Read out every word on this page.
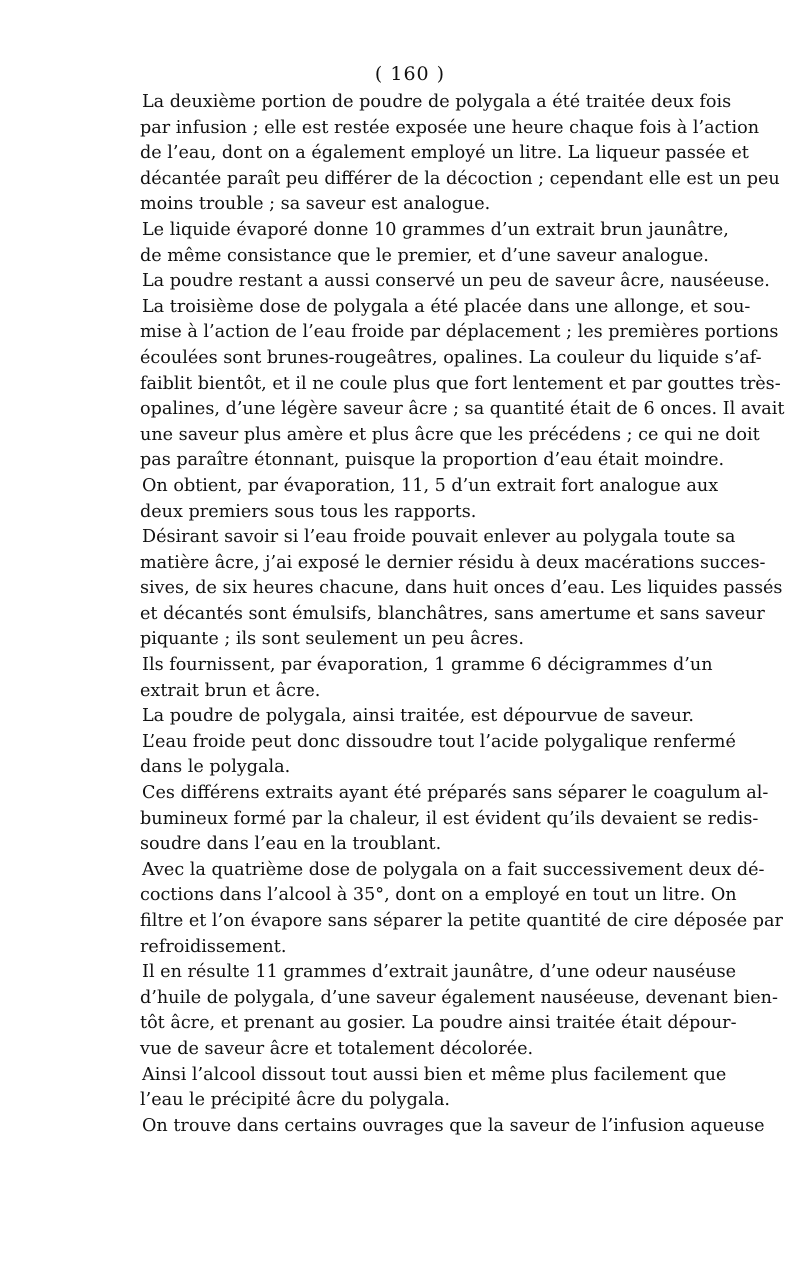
( 160 )
La deuxième portion de poudre de polygala a été traitée deux fois
par infusion ; elle est restée exposée une heure chaque fois à l’action
de l’eau, dont on a également employé un litre. La liqueur passée et
décantée paraît peu différer de la décoction ; cependant elle est un peu
moins trouble ; sa saveur est analogue.
Le liquide évaporé donne 10 grammes d’un extrait brun jaunâtre,
de même consistance que le premier, et d’une saveur analogue.
La poudre restant a aussi conservé un peu de saveur âcre, nauséeuse.
La troisième dose de polygala a été placée dans une allonge, et sou-
mise à l’action de l’eau froide par déplacement ; les premières portions
écoulées sont brunes-rougeâtres, opalines. La couleur du liquide s’af-
faiblit bientôt, et il ne coule plus que fort lentement et par gouttes très-
opalines, d’une légère saveur âcre ; sa quantité était de 6 onces. Il avait
une saveur plus amère et plus âcre que les précédens ; ce qui ne doit
pas paraître étonnant, puisque la proportion d’eau était moindre.
On obtient, par évaporation, 11, 5 d’un extrait fort analogue aux
deux premiers sous tous les rapports.
Désirant savoir si l’eau froide pouvait enlever au polygala toute sa
matière âcre, j’ai exposé le dernier résidu à deux macérations succes-
sives, de six heures chacune, dans huit onces d’eau. Les liquides passés
et décantés sont émulsifs, blanchâtres, sans amertume et sans saveur
piquante ; ils sont seulement un peu âcres.
Ils fournissent, par évaporation, 1 gramme 6 décigrammes d’un
extrait brun et âcre.
La poudre de polygala, ainsi traitée, est dépourvue de saveur.
L’eau froide peut donc dissoudre tout l’acide polygalique renfermé
dans le polygala.
Ces différens extraits ayant été préparés sans séparer le coagulum al-
bumineux formé par la chaleur, il est évident qu’ils devaient se redis-
soudre dans l’eau en la troublant.
Avec la quatrième dose de polygala on a fait successivement deux dé-
coctions dans l’alcool à 35°, dont on a employé en tout un litre. On
filtre et l’on évapore sans séparer la petite quantité de cire déposée par
refroidissement.
Il en résulte 11 grammes d’extrait jaunâtre, d’une odeur nauséuse
d’huile de polygala, d’une saveur également nauséeuse, devenant bien-
tôt âcre, et prenant au gosier. La poudre ainsi traitée était dépour-
vue de saveur âcre et totalement décolorée.
Ainsi l’alcool dissout tout aussi bien et même plus facilement que
l’eau le précipité âcre du polygala.
On trouve dans certains ouvrages que la saveur de l’infusion aqueuse
